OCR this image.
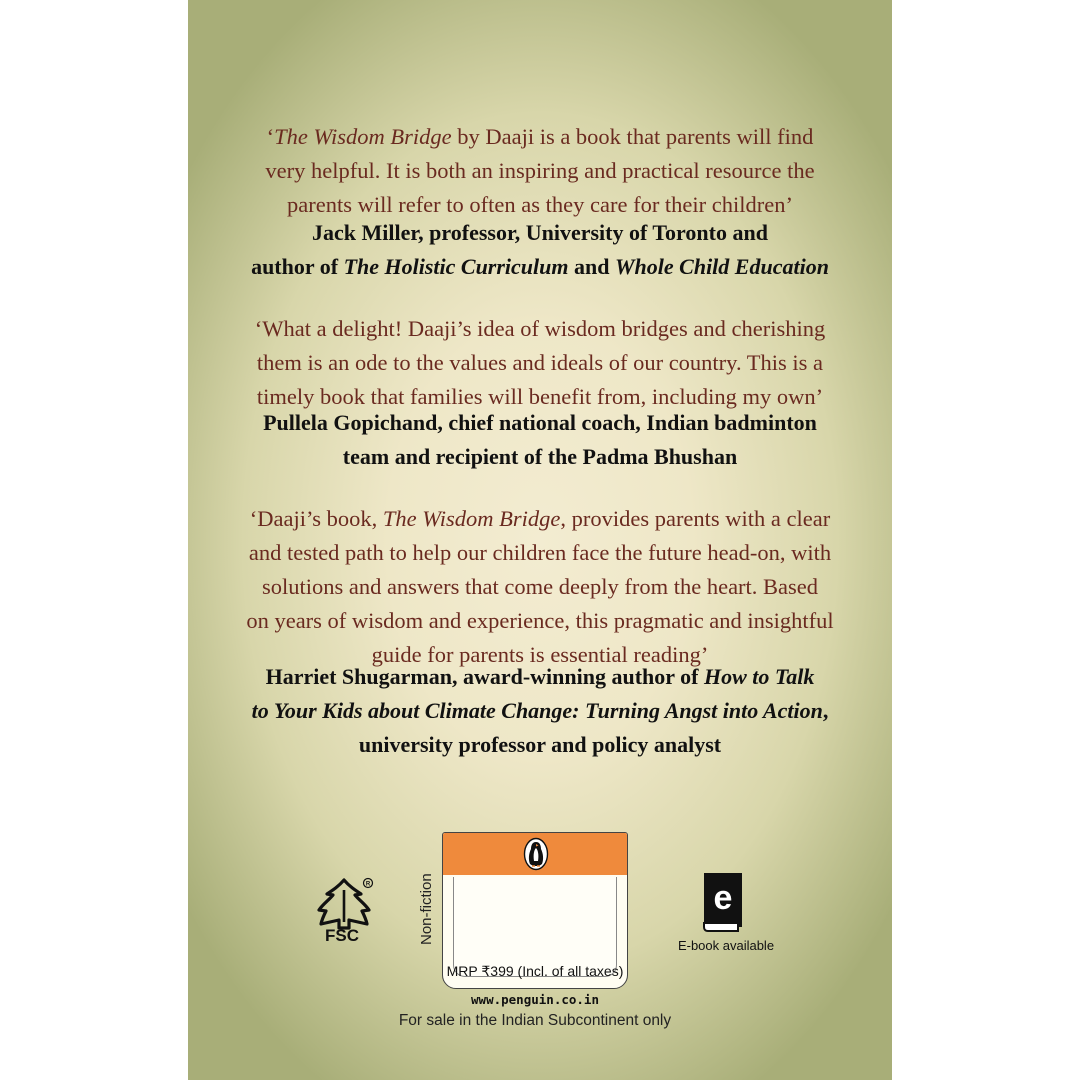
‘The Wisdom Bridge by Daaji is a book that parents will find
very helpful. It is both an inspiring and practical resource the
parents will refer to often as they care for their children’
Jack Miller, professor, University of Toronto and
author of The Holistic Curriculum and Whole Child Education
‘What a delight! Daaji’s idea of wisdom bridges and cherishing
them is an ode to the values and ideals of our country. This is a
timely book that families will benefit from, including my own’
Pullela Gopichand, chief national coach, Indian badminton
team and recipient of the Padma Bhushan
‘Daaji’s book, The Wisdom Bridge, provides parents with a clear
and tested path to help our children face the future head-on, with
solutions and answers that come deeply from the heart. Based
on years of wisdom and experience, this pragmatic and insightful
guide for parents is essential reading’
Harriet Shugarman, award-winning author of How to Talk
to Your Kids about Climate Change: Turning Angst into Action,
university professor and policy analyst
R
FSC	Non-fiction
MRP ₹399 (Incl. of all taxes)
www.penguin.co.in
For sale in the Indian Subcontinent only
e
E-book available
